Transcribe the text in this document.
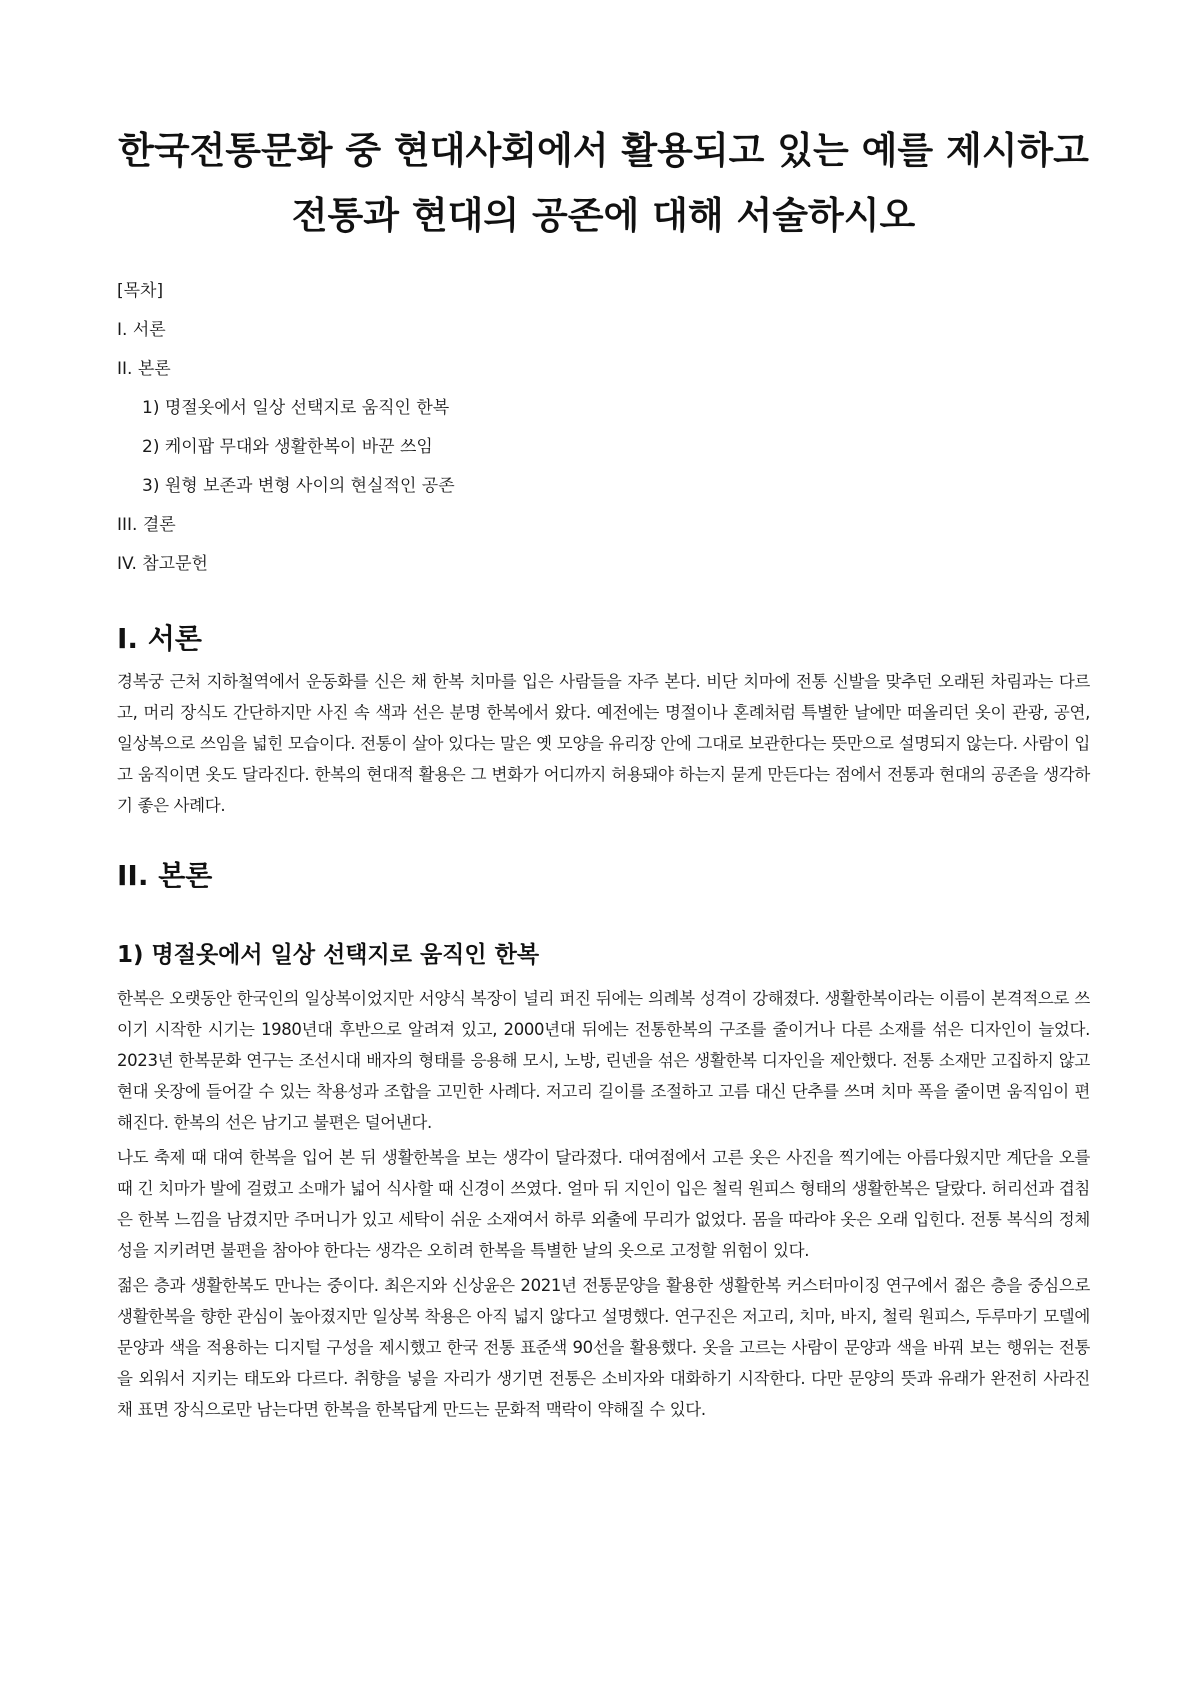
한국전통문화 중 현대사회에서 활용되고 있는 예를 제시하고 전통과 현대의 공존에 대해 서술하시오
[목차]
I. 서론
II. 본론
1) 명절옷에서 일상 선택지로 움직인 한복
2) 케이팝 무대와 생활한복이 바꾼 쓰임
3) 원형 보존과 변형 사이의 현실적인 공존
III. 결론
IV. 참고문헌
I. 서론

경복궁 근처 지하철역에서 운동화를 신은 채 한복 치마를 입은 사람들을 자주 본다. 비단 치마에 전통 신발을 맞추던 오래된 차림과는 다르고, 머리 장식도 간단하지만 사진 속 색과 선은 분명 한복에서 왔다. 예전에는 명절이나 혼례처럼 특별한 날에만 떠올리던 옷이 관광, 공연, 일상복으로 쓰임을 넓힌 모습이다. 전통이 살아 있다는 말은 옛 모양을 유리장 안에 그대로 보관한다는 뜻만으로 설명되지 않는다. 사람이 입고 움직이면 옷도 달라진다. 한복의 현대적 활용은 그 변화가 어디까지 허용돼야 하는지 묻게 만든다는 점에서 전통과 현대의 공존을 생각하기 좋은 사례다.

II. 본론
1) 명절옷에서 일상 선택지로 움직인 한복

한복은 오랫동안 한국인의 일상복이었지만 서양식 복장이 널리 퍼진 뒤에는 의례복 성격이 강해졌다. 생활한복이라는 이름이 본격적으로 쓰이기 시작한 시기는 1980년대 후반으로 알려져 있고, 2000년대 뒤에는 전통한복의 구조를 줄이거나 다른 소재를 섞은 디자인이 늘었다. 2023년 한복문화 연구는 조선시대 배자의 형태를 응용해 모시, 노방, 린넨을 섞은 생활한복 디자인을 제안했다. 전통 소재만 고집하지 않고 현대 옷장에 들어갈 수 있는 착용성과 조합을 고민한 사례다. 저고리 길이를 조절하고 고름 대신 단추를 쓰며 치마 폭을 줄이면 움직임이 편해진다. 한복의 선은 남기고 불편은 덜어낸다.

나도 축제 때 대여 한복을 입어 본 뒤 생활한복을 보는 생각이 달라졌다. 대여점에서 고른 옷은 사진을 찍기에는 아름다웠지만 계단을 오를 때 긴 치마가 발에 걸렸고 소매가 넓어 식사할 때 신경이 쓰였다. 얼마 뒤 지인이 입은 철릭 원피스 형태의 생활한복은 달랐다. 허리선과 겹침은 한복 느낌을 남겼지만 주머니가 있고 세탁이 쉬운 소재여서 하루 외출에 무리가 없었다. 몸을 따라야 옷은 오래 입힌다. 전통 복식의 정체성을 지키려면 불편을 참아야 한다는 생각은 오히려 한복을 특별한 날의 옷으로 고정할 위험이 있다.

젊은 층과 생활한복도 만나는 중이다. 최은지와 신상윤은 2021년 전통문양을 활용한 생활한복 커스터마이징 연구에서 젊은 층을 중심으로 생활한복을 향한 관심이 높아졌지만 일상복 착용은 아직 넓지 않다고 설명했다. 연구진은 저고리, 치마, 바지, 철릭 원피스, 두루마기 모델에 문양과 색을 적용하는 디지털 구성을 제시했고 한국 전통 표준색 90선을 활용했다. 옷을 고르는 사람이 문양과 색을 바꿔 보는 행위는 전통을 외워서 지키는 태도와 다르다. 취향을 넣을 자리가 생기면 전통은 소비자와 대화하기 시작한다. 다만 문양의 뜻과 유래가 완전히 사라진 채 표면 장식으로만 남는다면 한복을 한복답게 만드는 문화적 맥락이 약해질 수 있다.
